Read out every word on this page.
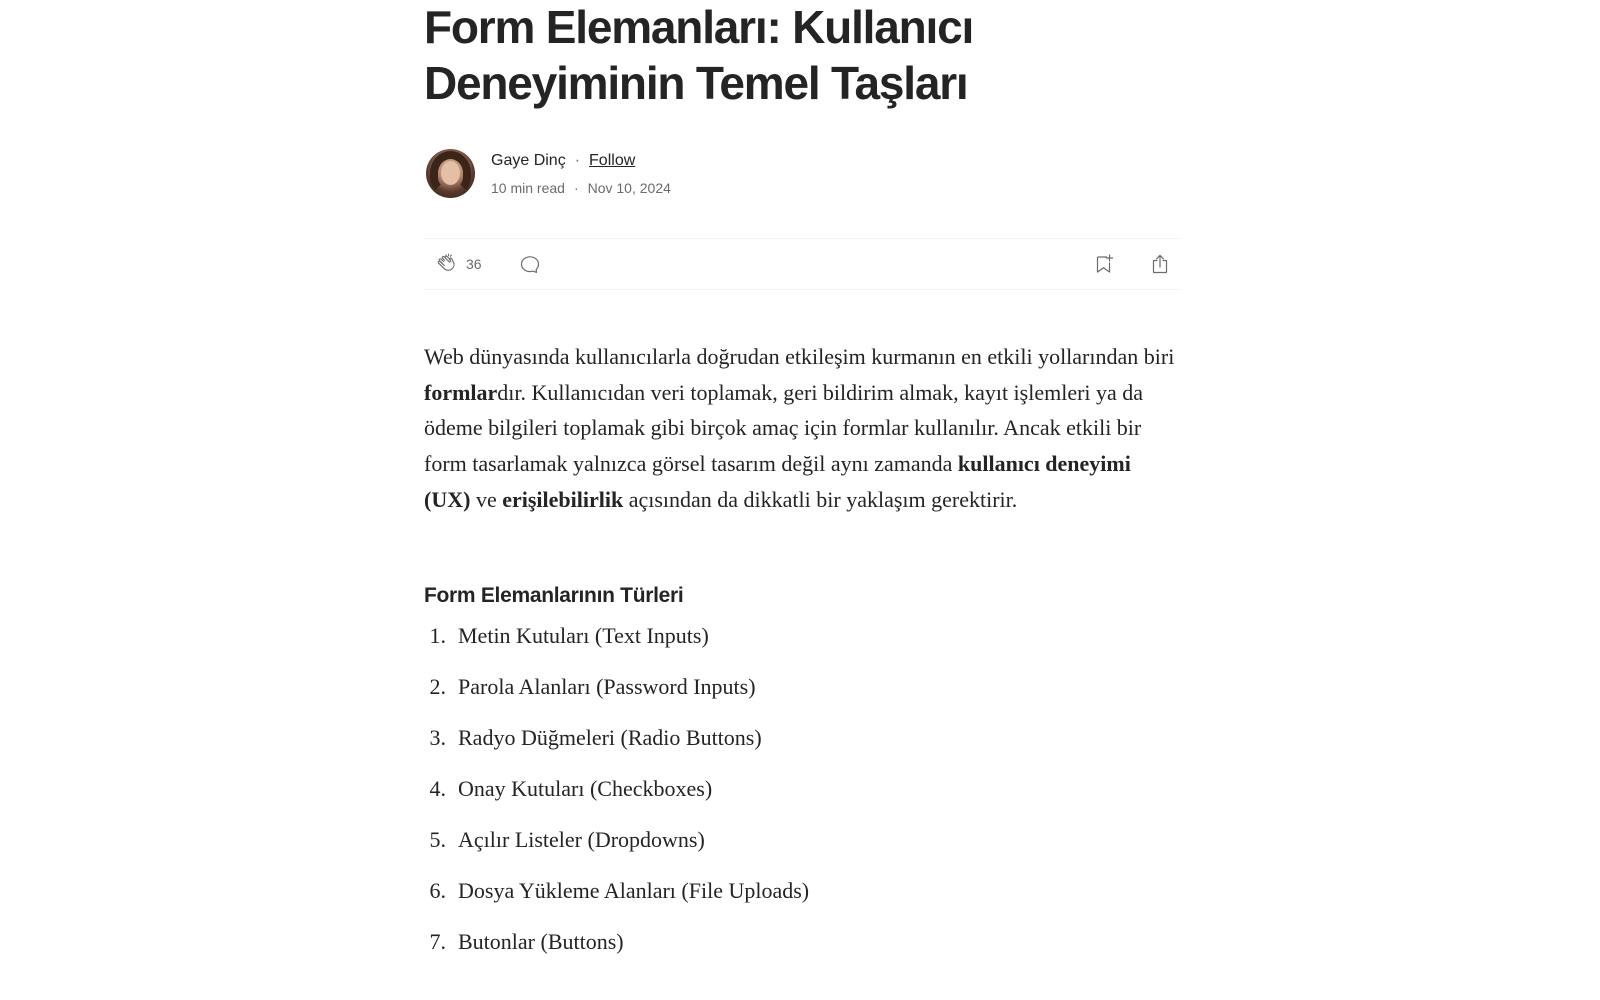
Form Elemanları: Kullanıcı Deneyiminin Temel Taşları
Gaye Dinç · Follow
10 min read · Nov 10, 2024
36

Web dünyasında kullanıcılarla doğrudan etkileşim kurmanın en etkili yollarından biri formlardır. Kullanıcıdan veri toplamak, geri bildirim almak, kayıt işlemleri ya da ödeme bilgileri toplamak gibi birçok amaç için formlar kullanılır. Ancak etkili bir form tasarlamak yalnızca görsel tasarım değil aynı zamanda kullanıcı deneyimi (UX) ve erişilebilirlik açısından da dikkatli bir yaklaşım gerektirir.

Form Elemanlarının Türleri
1. Metin Kutuları (Text Inputs)
2. Parola Alanları (Password Inputs)
3. Radyo Düğmeleri (Radio Buttons)
4. Onay Kutuları (Checkboxes)
5. Açılır Listeler (Dropdowns)
6. Dosya Yükleme Alanları (File Uploads)
7. Butonlar (Buttons)
